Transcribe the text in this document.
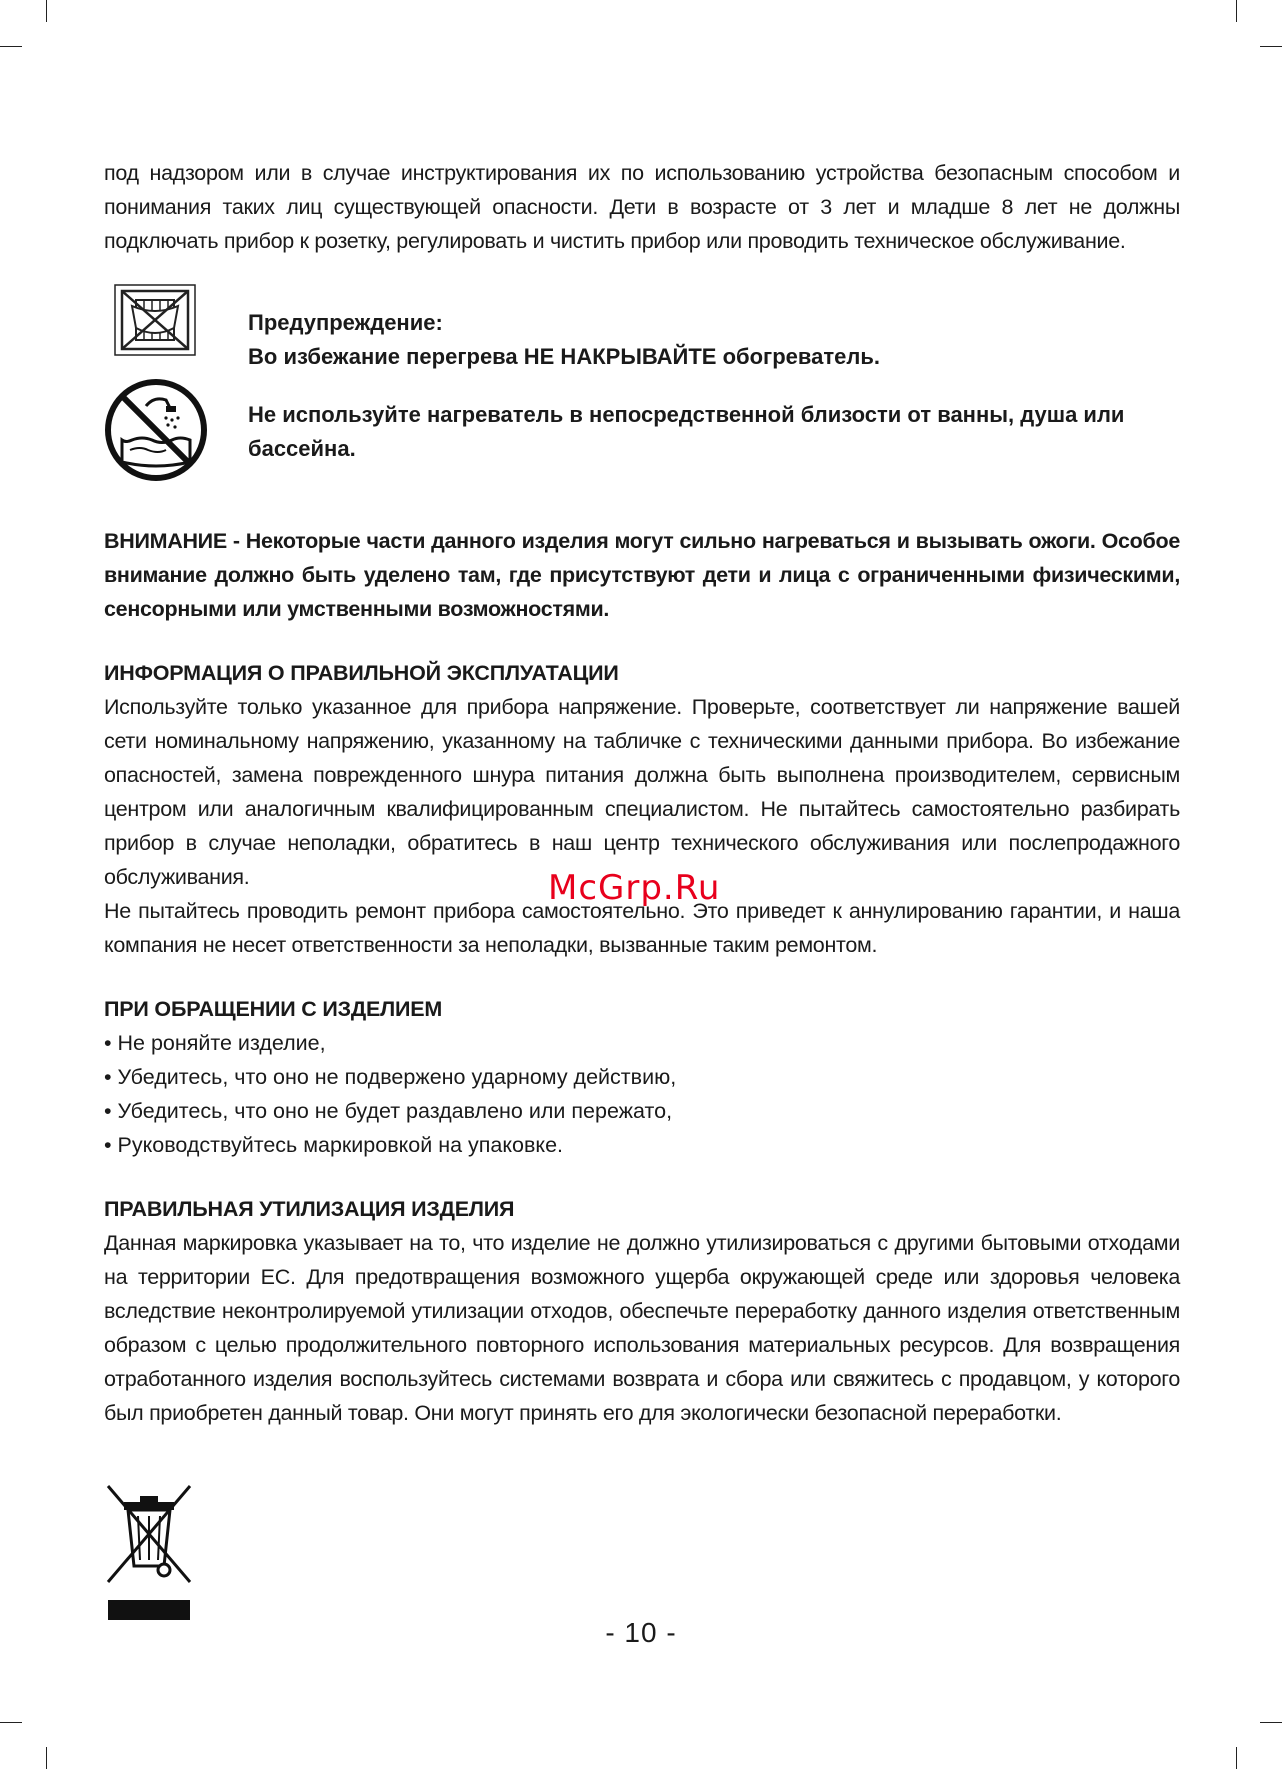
под надзором или в случае инструктирования их по использованию устройства безопасным способом и понимания таких лиц существующей опасности. Дети в возрасте от 3 лет и младше 8 лет не должны подключать прибор к розетку, регулировать и чистить прибор или проводить техническое обслуживание.

Предупреждение:

Во избежание перегрева НЕ НАКРЫВАЙТЕ обогреватель.

Не используйте нагреватель в непосредственной близости от ванны, душа или бассейна.

ВНИМАНИЕ - Некоторые части данного изделия могут сильно нагреваться и вызывать ожоги. Особое внимание должно быть уделено там, где присутствуют дети и лица с ограниченными физическими, сенсорными или умственными возможностями.

ИНФОРМАЦИЯ О ПРАВИЛЬНОЙ ЭКСПЛУАТАЦИИ

Используйте только указанное для прибора напряжение. Проверьте, соответствует ли напряжение вашей сети номинальному напряжению, указанному на табличке с техническими данными прибора. Во избежание опасностей, замена поврежденного шнура питания должна быть выполнена производителем, сервисным центром или аналогичным квалифицированным специалистом. Не пытайтесь самостоятельно разбирать прибор в случае неполадки, обратитесь в наш центр технического обслуживания или послепродажного обслуживания.

Не пытайтесь проводить ремонт прибора самостоятельно. Это приведет к аннулированию гарантии, и наша компания не несет ответственности за неполадки, вызванные таким ремонтом.

ПРИ ОБРАЩЕНИИ С ИЗДЕЛИЕМ

• Не роняйте изделие,

• Убедитесь, что оно не подвержено ударному действию,

• Убедитесь, что оно не будет раздавлено или пережато,

• Руководствуйтесь маркировкой на упаковке.

ПРАВИЛЬНАЯ УТИЛИЗАЦИЯ ИЗДЕЛИЯ

Данная маркировка указывает на то, что изделие не должно утилизироваться с другими бытовыми отходами на территории ЕС. Для предотвращения возможного ущерба окружающей среде или здоровья человека вследствие неконтролируемой утилизации отходов, обеспечьте переработку данного изделия ответственным образом с целью продолжительного повторного использования материальных ресурсов. Для возвращения отработанного изделия воспользуйтесь системами возврата и сбора или свяжитесь с продавцом, у которого был приобретен данный товар. Они могут принять его для экологически безопасной переработки.

McGrp.Ru
- 10 -
